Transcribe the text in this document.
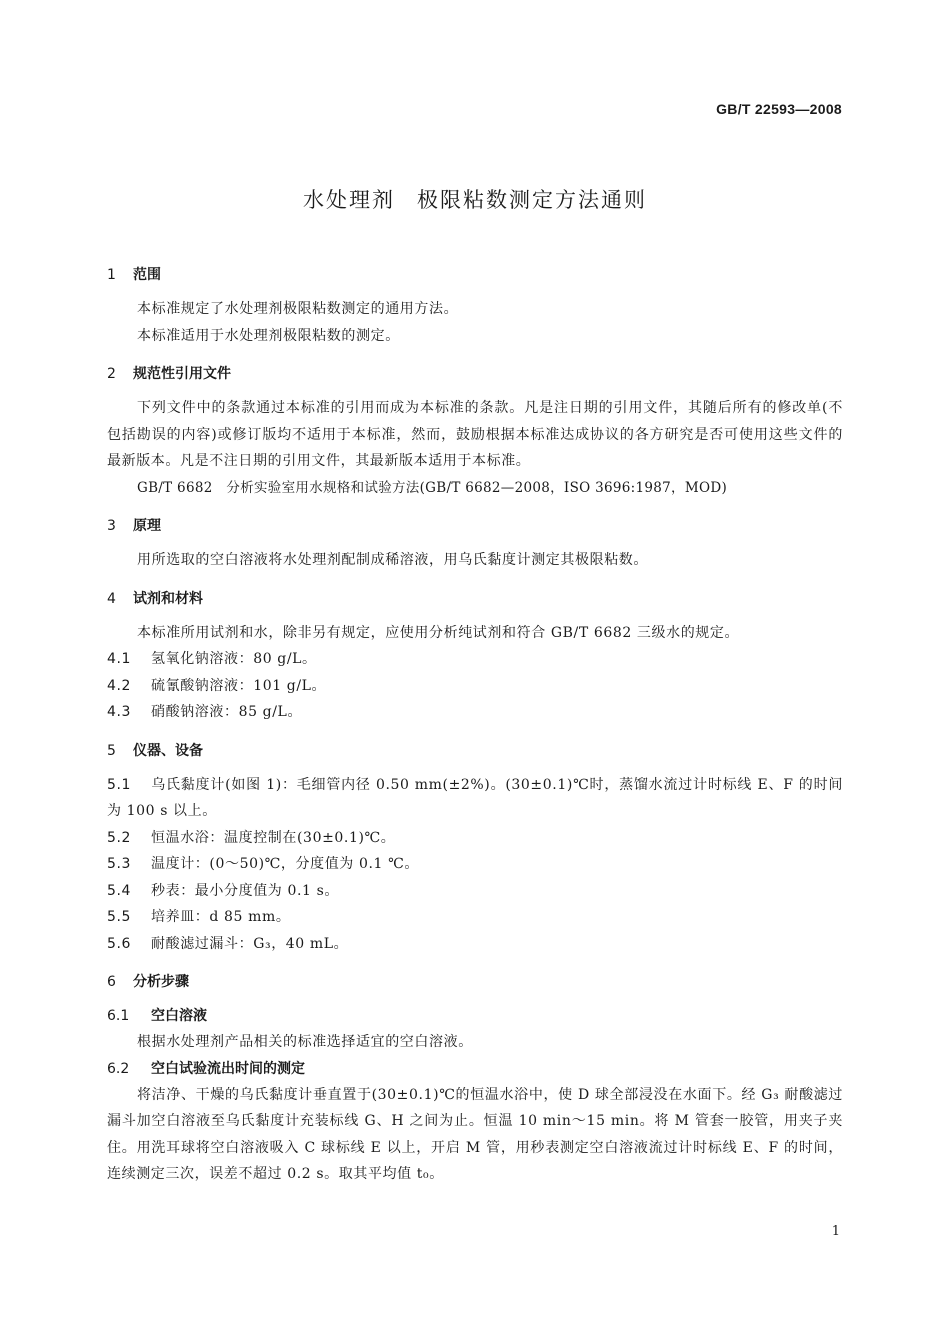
GB/T 22593—2008
水处理剂 极限粘数测定方法通则
1 范围
本标准规定了水处理剂极限粘数测定的通用方法。
本标准适用于水处理剂极限粘数的测定。
2 规范性引用文件
下列文件中的条款通过本标准的引用而成为本标准的条款。凡是注日期的引用文件，其随后所有的修改单(不包括勘误的内容)或修订版均不适用于本标准，然而，鼓励根据本标准达成协议的各方研究是否可使用这些文件的最新版本。凡是不注日期的引用文件，其最新版本适用于本标准。
GB/T 6682　分析实验室用水规格和试验方法(GB/T 6682—2008，ISO 3696:1987，MOD)
3 原理
用所选取的空白溶液将水处理剂配制成稀溶液，用乌氏黏度计测定其极限粘数。
4 试剂和材料
本标准所用试剂和水，除非另有规定，应使用分析纯试剂和符合 GB/T 6682 三级水的规定。
4.1 氢氧化钠溶液：80 g/L。
4.2 硫氰酸钠溶液：101 g/L。
4.3 硝酸钠溶液：85 g/L。
5 仪器、设备
5.1 乌氏黏度计(如图 1)：毛细管内径 0.50 mm(±2%)。(30±0.1)℃时，蒸馏水流过计时标线 E、F 的时间为 100 s 以上。
5.2 恒温水浴：温度控制在(30±0.1)℃。
5.3 温度计：(0～50)℃，分度值为 0.1 ℃。
5.4 秒表：最小分度值为 0.1 s。
5.5 培养皿：d 85 mm。
5.6 耐酸滤过漏斗：G₃，40 mL。
6 分析步骤
6.1 空白溶液
根据水处理剂产品相关的标准选择适宜的空白溶液。
6.2 空白试验流出时间的测定
将洁净、干燥的乌氏黏度计垂直置于(30±0.1)℃的恒温水浴中，使 D 球全部浸没在水面下。经 G₃ 耐酸滤过漏斗加空白溶液至乌氏黏度计充装标线 G、H 之间为止。恒温 10 min～15 min。将 M 管套一胶管，用夹子夹住。用洗耳球将空白溶液吸入 C 球标线 E 以上，开启 M 管，用秒表测定空白溶液流过计时标线 E、F 的时间，连续测定三次，误差不超过 0.2 s。取其平均值 t₀。
1
